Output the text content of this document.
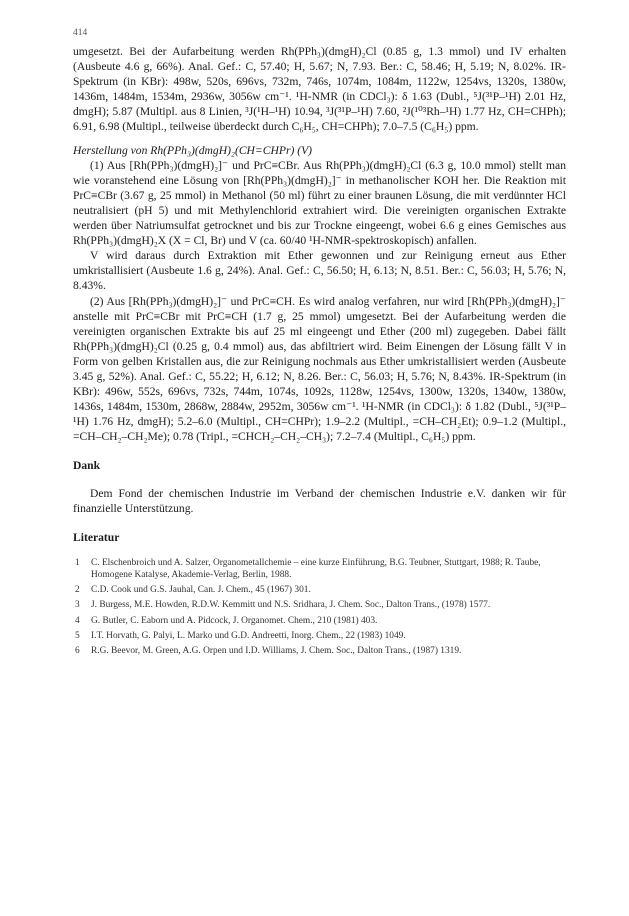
414

umgesetzt. Bei der Aufarbeitung werden Rh(PPh₃)(dmgH)₂Cl (0.85 g, 1.3 mmol) und IV erhalten (Ausbeute 4.6 g, 66%). Anal. Gef.: C, 57.40; H, 5.67; N, 7.93. Ber.: C, 58.46; H, 5.19; N, 8.02%. IR-Spektrum (in KBr): 498w, 520s, 696vs, 732m, 746s, 1074m, 1084m, 1122w, 1254vs, 1320s, 1380w, 1436m, 1484m, 1534m, 2936w, 3056w cm⁻¹. ¹H-NMR (in CDCl₃): δ 1.63 (Dubl., ⁵J(³¹P–¹H) 2.01 Hz, dmgH); 5.87 (Multipl. aus 8 Linien, ³J(¹H–¹H) 10.94, ³J(³¹P–¹H) 7.60, ²J(¹⁰³Rh–¹H) 1.77 Hz, CH=CHPh); 6.91, 6.98 (Multipl., teilweise überdeckt durch C₆H₅, CH=CHPh); 7.0–7.5 (C₆H₅) ppm.

Herstellung von Rh(PPh₃)(dmgH)₂(CH=CHPr) (V)

(1) Aus [Rh(PPh₃)(dmgH)₂]⁻ und PrC≡CBr. Aus Rh(PPh₃)(dmgH)₂Cl (6.3 g, 10.0 mmol) stellt man wie voranstehend eine Lösung von [Rh(PPh₃)(dmgH)₂]⁻ in methanolischer KOH her. Die Reaktion mit PrC≡CBr (3.67 g, 25 mmol) in Methanol (50 ml) führt zu einer braunen Lösung, die mit verdünnter HCl neutralisiert (pH 5) und mit Methylenchlorid extrahiert wird. Die vereinigten organischen Extrakte werden über Natriumsulfat getrocknet und bis zur Trockne eingeengt, wobei 6.6 g eines Gemisches aus Rh(PPh₃)(dmgH)₂X (X = Cl, Br) und V (ca. 60/40 ¹H-NMR-spektroskopisch) anfallen.

V wird daraus durch Extraktion mit Ether gewonnen und zur Reinigung erneut aus Ether umkristallisiert (Ausbeute 1.6 g, 24%). Anal. Gef.: C, 56.50; H, 6.13; N, 8.51. Ber.: C, 56.03; H, 5.76; N, 8.43%.

(2) Aus [Rh(PPh₃)(dmgH)₂]⁻ und PrC≡CH. Es wird analog verfahren, nur wird [Rh(PPh₃)(dmgH)₂]⁻ anstelle mit PrC≡CBr mit PrC≡CH (1.7 g, 25 mmol) umgesetzt. Bei der Aufarbeitung werden die vereinigten organischen Extrakte bis auf 25 ml eingeengt und Ether (200 ml) zugegeben. Dabei fällt Rh(PPh₃)(dmgH)₂Cl (0.25 g, 0.4 mmol) aus, das abfiltriert wird. Beim Einengen der Lösung fällt V in Form von gelben Kristallen aus, die zur Reinigung nochmals aus Ether umkristallisiert werden (Ausbeute 3.45 g, 52%). Anal. Gef.: C, 55.22; H, 6.12; N, 8.26. Ber.: C, 56.03; H, 5.76; N, 8.43%. IR-Spektrum (in KBr): 496w, 552s, 696vs, 732s, 744m, 1074s, 1092s, 1128w, 1254vs, 1300w, 1320s, 1340w, 1380w, 1436s, 1484m, 1530m, 2868w, 2884w, 2952m, 3056w cm⁻¹. ¹H-NMR (in CDCl₃): δ 1.82 (Dubl., ⁵J(³¹P–¹H) 1.76 Hz, dmgH); 5.2–6.0 (Multipl., CH=CHPr); 1.9–2.2 (Multipl., =CH–CH₂Et); 0.9–1.2 (Multipl., =CH–CH₂–CH₂Me); 0.78 (Tripl., =CHCH₂–CH₂–CH₃); 7.2–7.4 (Multipl., C₆H₅) ppm.

Dank

Dem Fond der chemischen Industrie im Verband der chemischen Industrie e.V. danken wir für finanzielle Unterstützung.

Literatur

1	C. Elschenbroich und A. Salzer, Organometallchemie – eine kurze Einführung, B.G. Teubner, Stuttgart, 1988; R. Taube, Homogene Katalyse, Akademie-Verlag, Berlin, 1988.
2	C.D. Cook und G.S. Jauhal, Can. J. Chem., 45 (1967) 301.
3	J. Burgess, M.E. Howden, R.D.W. Kemmitt und N.S. Sridhara, J. Chem. Soc., Dalton Trans., (1978) 1577.
4	G. Butler, C. Eaborn und A. Pidcock, J. Organomet. Chem., 210 (1981) 403.
5	I.T. Horvath, G. Palyi, L. Marko und G.D. Andreetti, Inorg. Chem., 22 (1983) 1049.
6	R.G. Beevor, M. Green, A.G. Orpen und I.D. Williams, J. Chem. Soc., Dalton Trans., (1987) 1319.
